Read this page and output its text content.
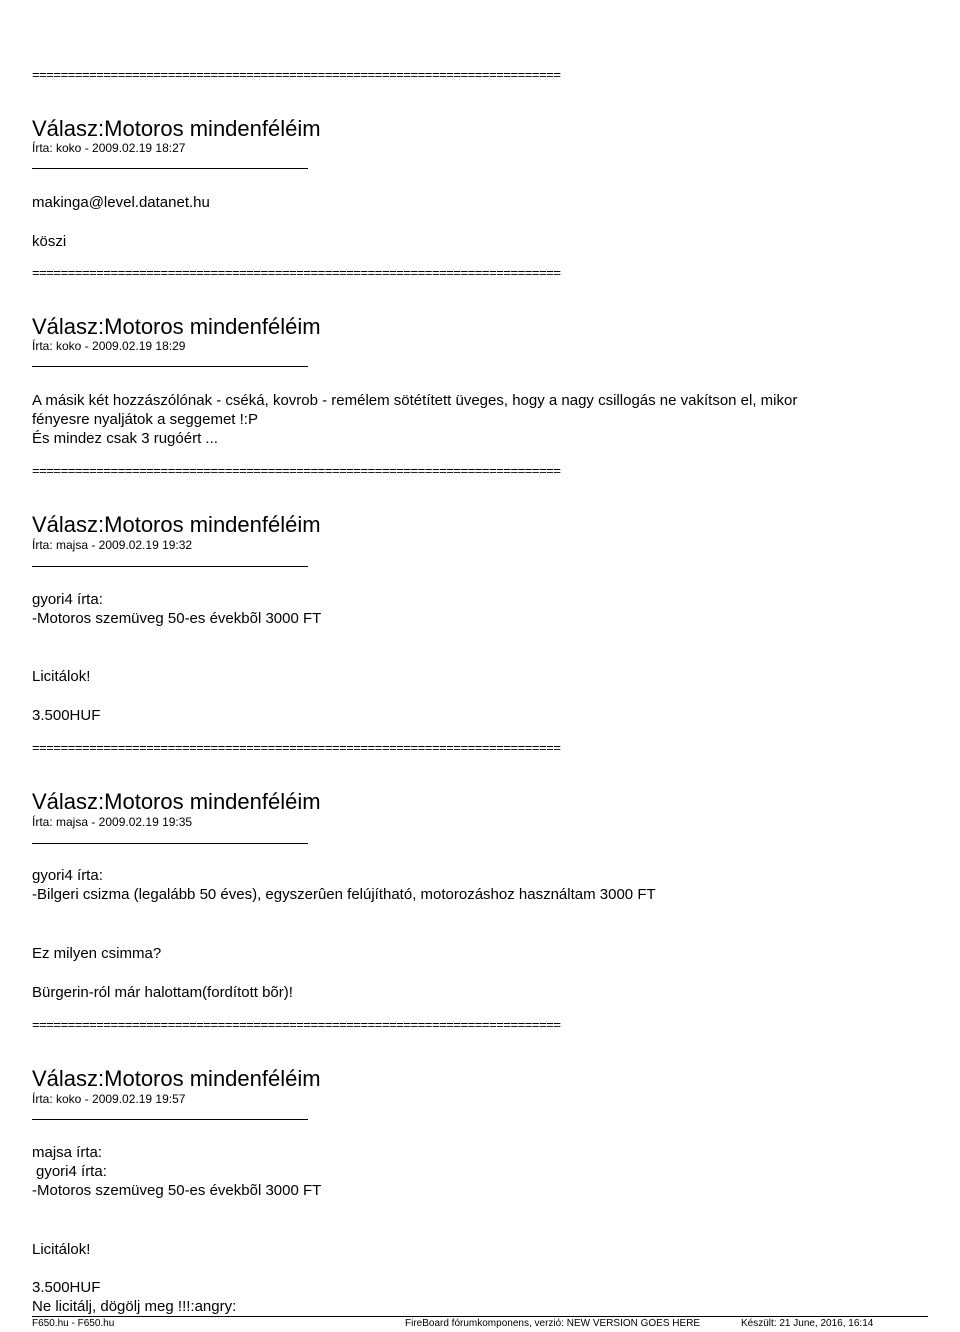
==========================================================================
Válasz:Motoros mindenféléim
Írta: koko - 2009.02.19 18:27
makinga@level.datanet.hu
köszi
==========================================================================
Válasz:Motoros mindenféléim
Írta: koko - 2009.02.19 18:29
A másik két hozzászólónak - cséká, kovrob - remélem sötétített üveges, hogy a nagy csillogás ne vakítson el, mikor
fényesre nyaljátok a seggemet !:P
És mindez csak 3 rugóért ...
==========================================================================
Válasz:Motoros mindenféléim
Írta: majsa - 2009.02.19 19:32
gyori4 írta:
-Motoros szemüveg 50-es évekbõl 3000 FT
Licitálok!
3.500HUF
==========================================================================
Válasz:Motoros mindenféléim
Írta: majsa - 2009.02.19 19:35
gyori4 írta:
-Bilgeri csizma (legalább 50 éves), egyszerûen felújítható, motorozáshoz használtam 3000 FT
Ez milyen csimma?
Bürgerin-ról már halottam(fordított bõr)!
==========================================================================
Válasz:Motoros mindenféléim
Írta: koko - 2009.02.19 19:57
majsa írta:
gyori4 írta:
-Motoros szemüveg 50-es évekbõl 3000 FT
Licitálok!
3.500HUF
Ne licitálj, dögölj meg !!!:angry:
F650.hu - F650.hu	FireBoard fórumkomponens, verzió: NEW VERSION GOES HERE	Készült: 21 June, 2016, 16:14
